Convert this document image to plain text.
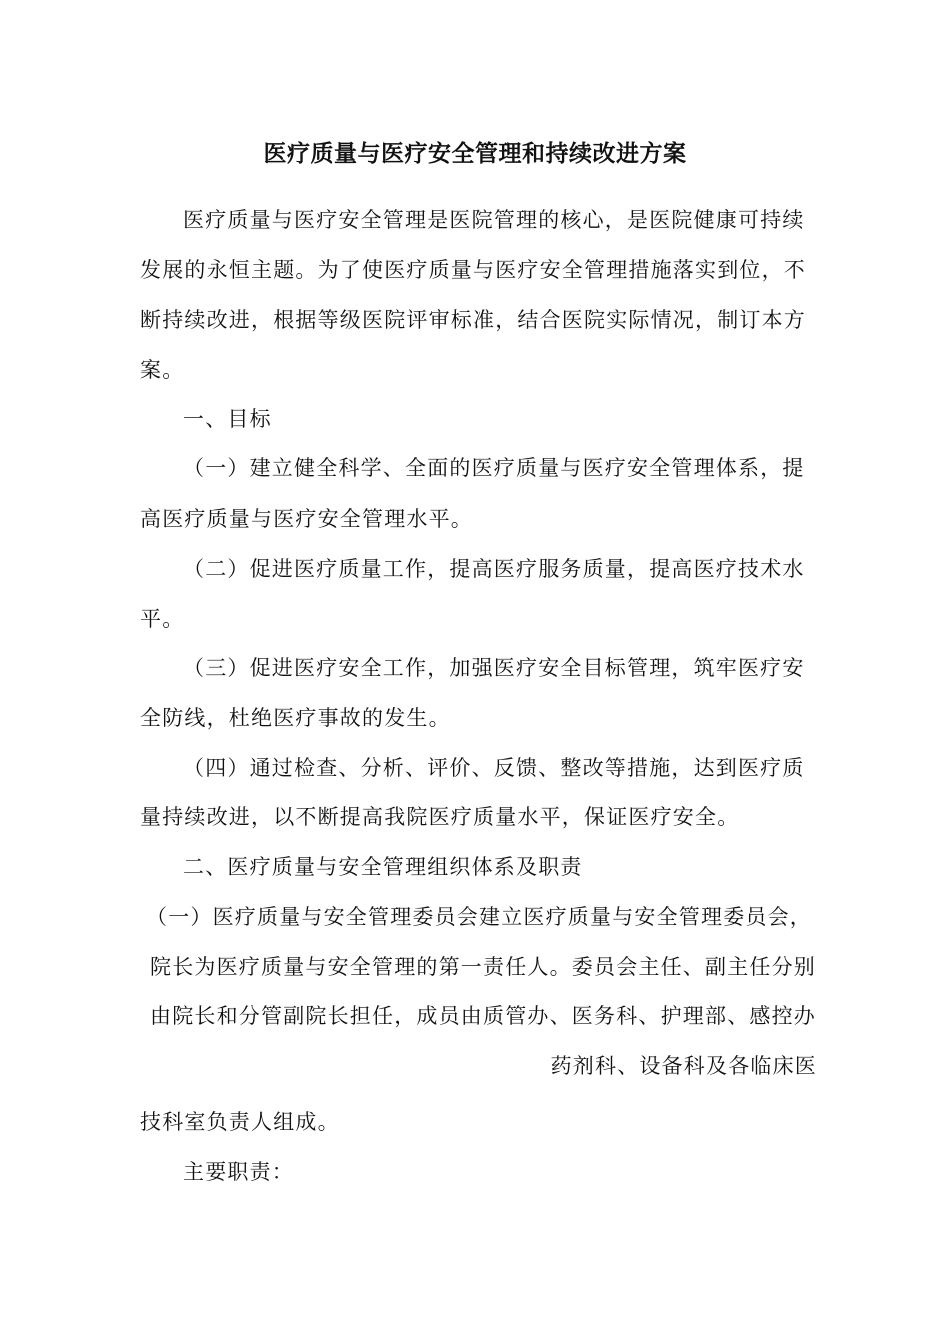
医疗质量与医疗安全管理和持续改进方案
医疗质量与医疗安全管理是医院管理的核心，是医院健康可持续
发展的永恒主题。为了使医疗质量与医疗安全管理措施落实到位，不
断持续改进，根据等级医院评审标准，结合医院实际情况，制订本方
案。
一、目标
（一）建立健全科学、全面的医疗质量与医疗安全管理体系，提
高医疗质量与医疗安全管理水平。
（二）促进医疗质量工作，提高医疗服务质量，提高医疗技术水
平。
（三）促进医疗安全工作，加强医疗安全目标管理，筑牢医疗安
全防线，杜绝医疗事故的发生。
（四）通过检查、分析、评价、反馈、整改等措施，达到医疗质
量持续改进，以不断提高我院医疗质量水平，保证医疗安全。
二、医疗质量与安全管理组织体系及职责
（一）医疗质量与安全管理委员会建立医疗质量与安全管理委员会，
院长为医疗质量与安全管理的第一责任人。委员会主任、副主任分别
由院长和分管副院长担任，成员由质管办、医务科、护理部、感控办
药剂科、设备科及各临床医
技科室负责人组成。
主要职责：
